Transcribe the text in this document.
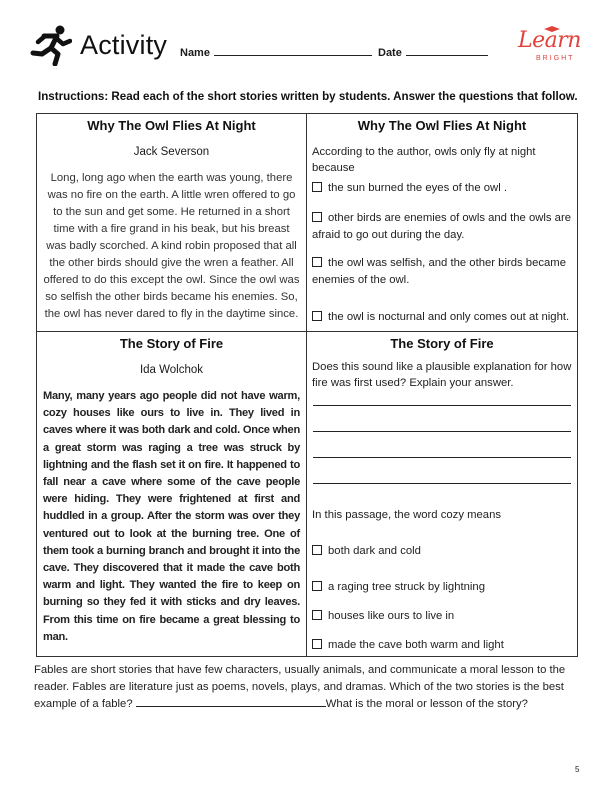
Activity Name	Date	Learn
BRIGHT
Instructions: Read each of the short stories written by students. Answer the questions that follow.
Why The Owl Flies At Night
Jack Severson
Long, long ago when the earth was young, there was no fire on the earth. A little wren offered to go to the sun and get some. He returned in a short time with a fire grand in his beak, but his breast was badly scorched. A kind robin proposed that all the other birds should give the wren a feather. All offered to do this except the owl. Since the owl was so selfish the other birds became his enemies. So, the owl has never dared to fly in the daytime since.
Why The Owl Flies At Night
According to the author, owls only fly at night because
the sun burned the eyes of the owl .
other birds are enemies of owls and the owls are afraid to go out during the day.
the owl was selfish, and the other birds became enemies of the owl.
the owl is nocturnal and only comes out at night.
The Story of Fire
Ida Wolchok
Many, many years ago people did not have warm, cozy houses like ours to live in. They lived in caves where it was both dark and cold. Once when a great storm was raging a tree was struck by lightning and the flash set it on fire. It happened to fall near a cave where some of the cave people were hiding. They were frightened at first and huddled in a group. After the storm was over they ventured out to look at the burning tree. One of them took a burning branch and brought it into the cave. They discovered that it made the cave both warm and light. They wanted the fire to keep on burning so they fed it with sticks and dry leaves. From this time on fire became a great blessing to man.
The Story of Fire
Does this sound like a plausible explanation for how fire was first used? Explain your answer.
In this passage, the word cozy means
both dark and cold
a raging tree struck by lightning
houses like ours to live in
made the cave both warm and light
Fables are short stories that have few characters, usually animals, and communicate a moral lesson to the reader. Fables are literature just as poems, novels, plays, and dramas. Which of the two stories is the best example of a fable?	What is the moral or lesson of the story?
5
